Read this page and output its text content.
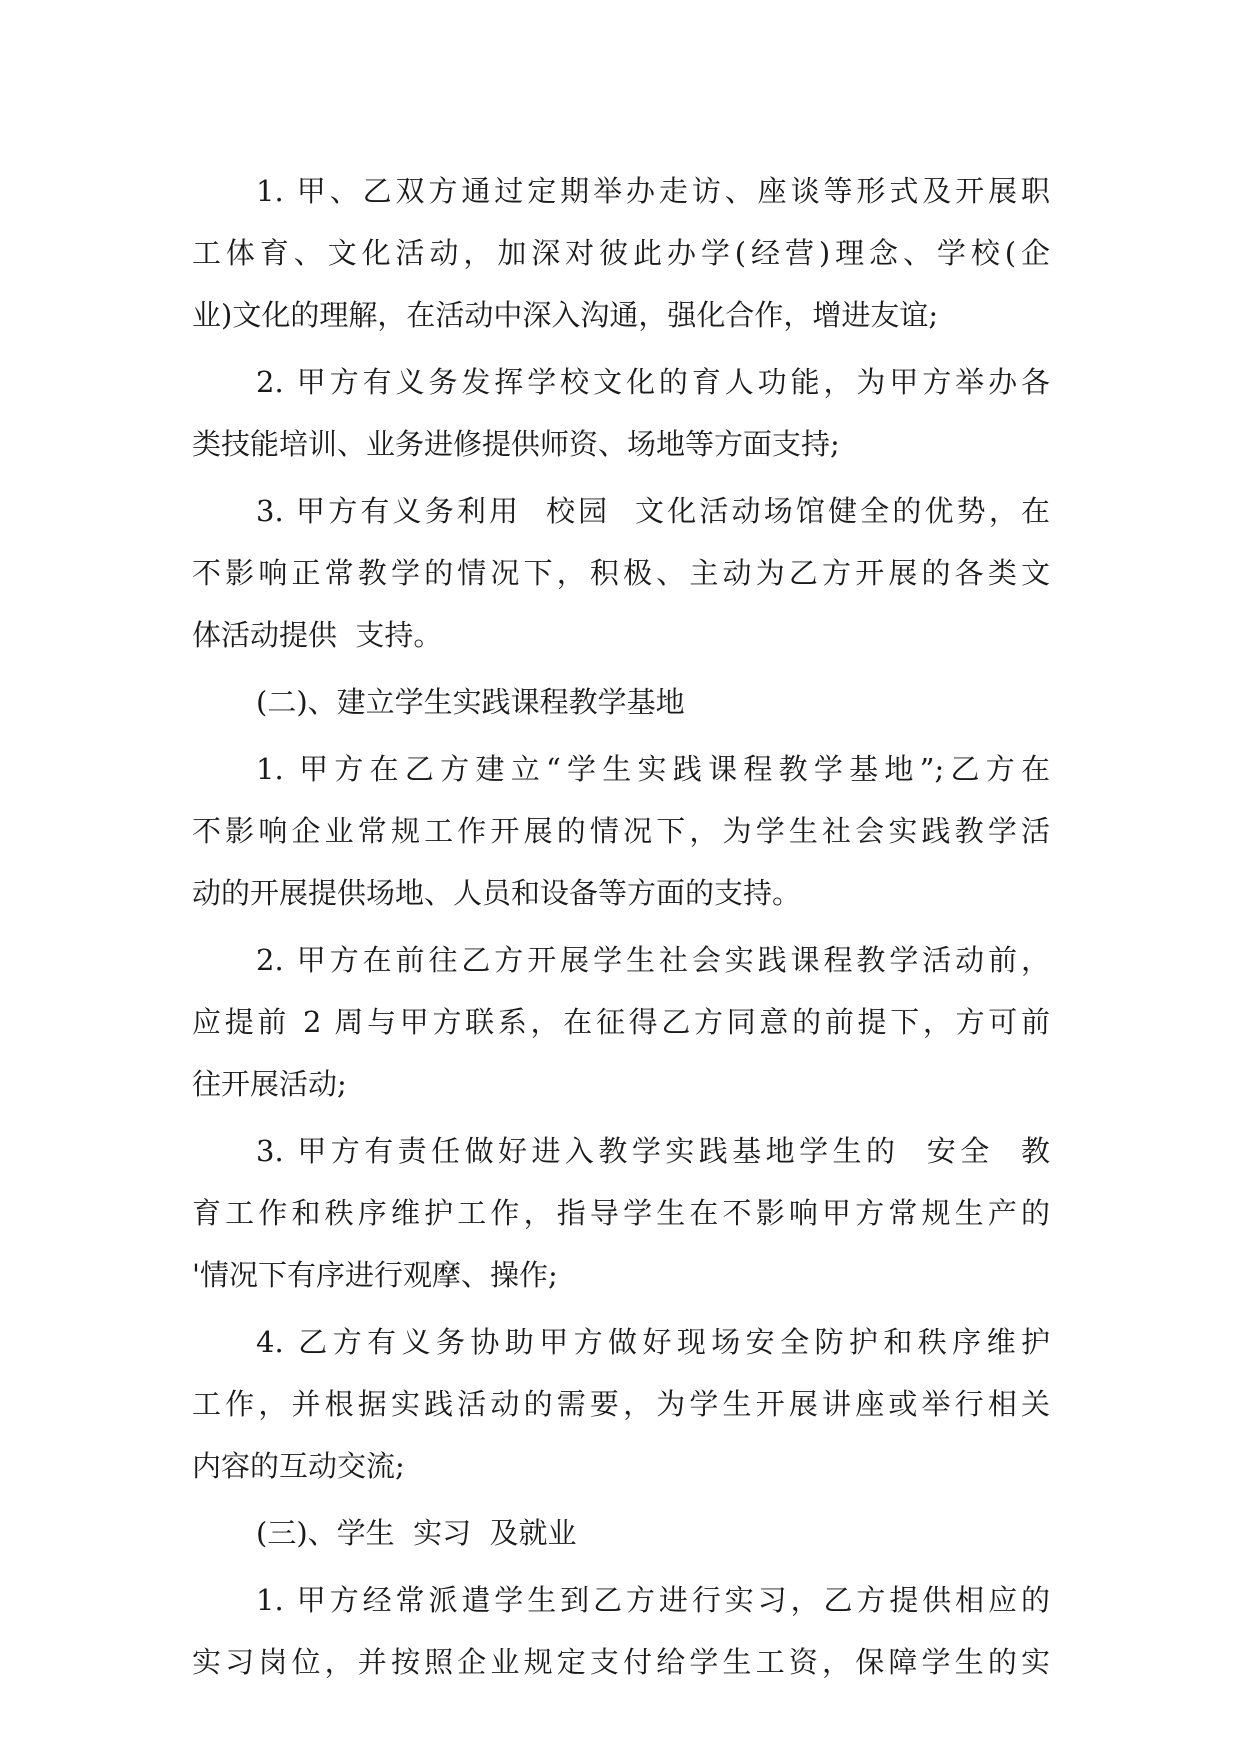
1. 甲、乙双方通过定期举办走访、座谈等形式及开展职
工体育、文化活动，加深对彼此办学(经营)理念、学校(企
业)文化的理解，在活动中深入沟通，强化合作，增进友谊;
2. 甲方有义务发挥学校文化的育人功能，为甲方举办各
类技能培训、业务进修提供师资、场地等方面支持;
3. 甲方有义务利用  校园  文化活动场馆健全的优势，在
不影响正常教学的情况下，积极、主动为乙方开展的各类文
体活动提供  支持。
(二)、建立学生实践课程教学基地
1. 甲方在乙方建立“学生实践课程教学基地”;乙方在
不影响企业常规工作开展的情况下，为学生社会实践教学活
动的开展提供场地、人员和设备等方面的支持。
2. 甲方在前往乙方开展学生社会实践课程教学活动前，
应提前 2 周与甲方联系，在征得乙方同意的前提下，方可前
往开展活动;
3. 甲方有责任做好进入教学实践基地学生的  安全  教
育工作和秩序维护工作，指导学生在不影响甲方常规生产的
'情况下有序进行观摩、操作;
4. 乙方有义务协助甲方做好现场安全防护和秩序维护
工作，并根据实践活动的需要，为学生开展讲座或举行相关
内容的互动交流;
(三)、学生  实习  及就业
1. 甲方经常派遣学生到乙方进行实习，乙方提供相应的
实习岗位，并按照企业规定支付给学生工资，保障学生的实
